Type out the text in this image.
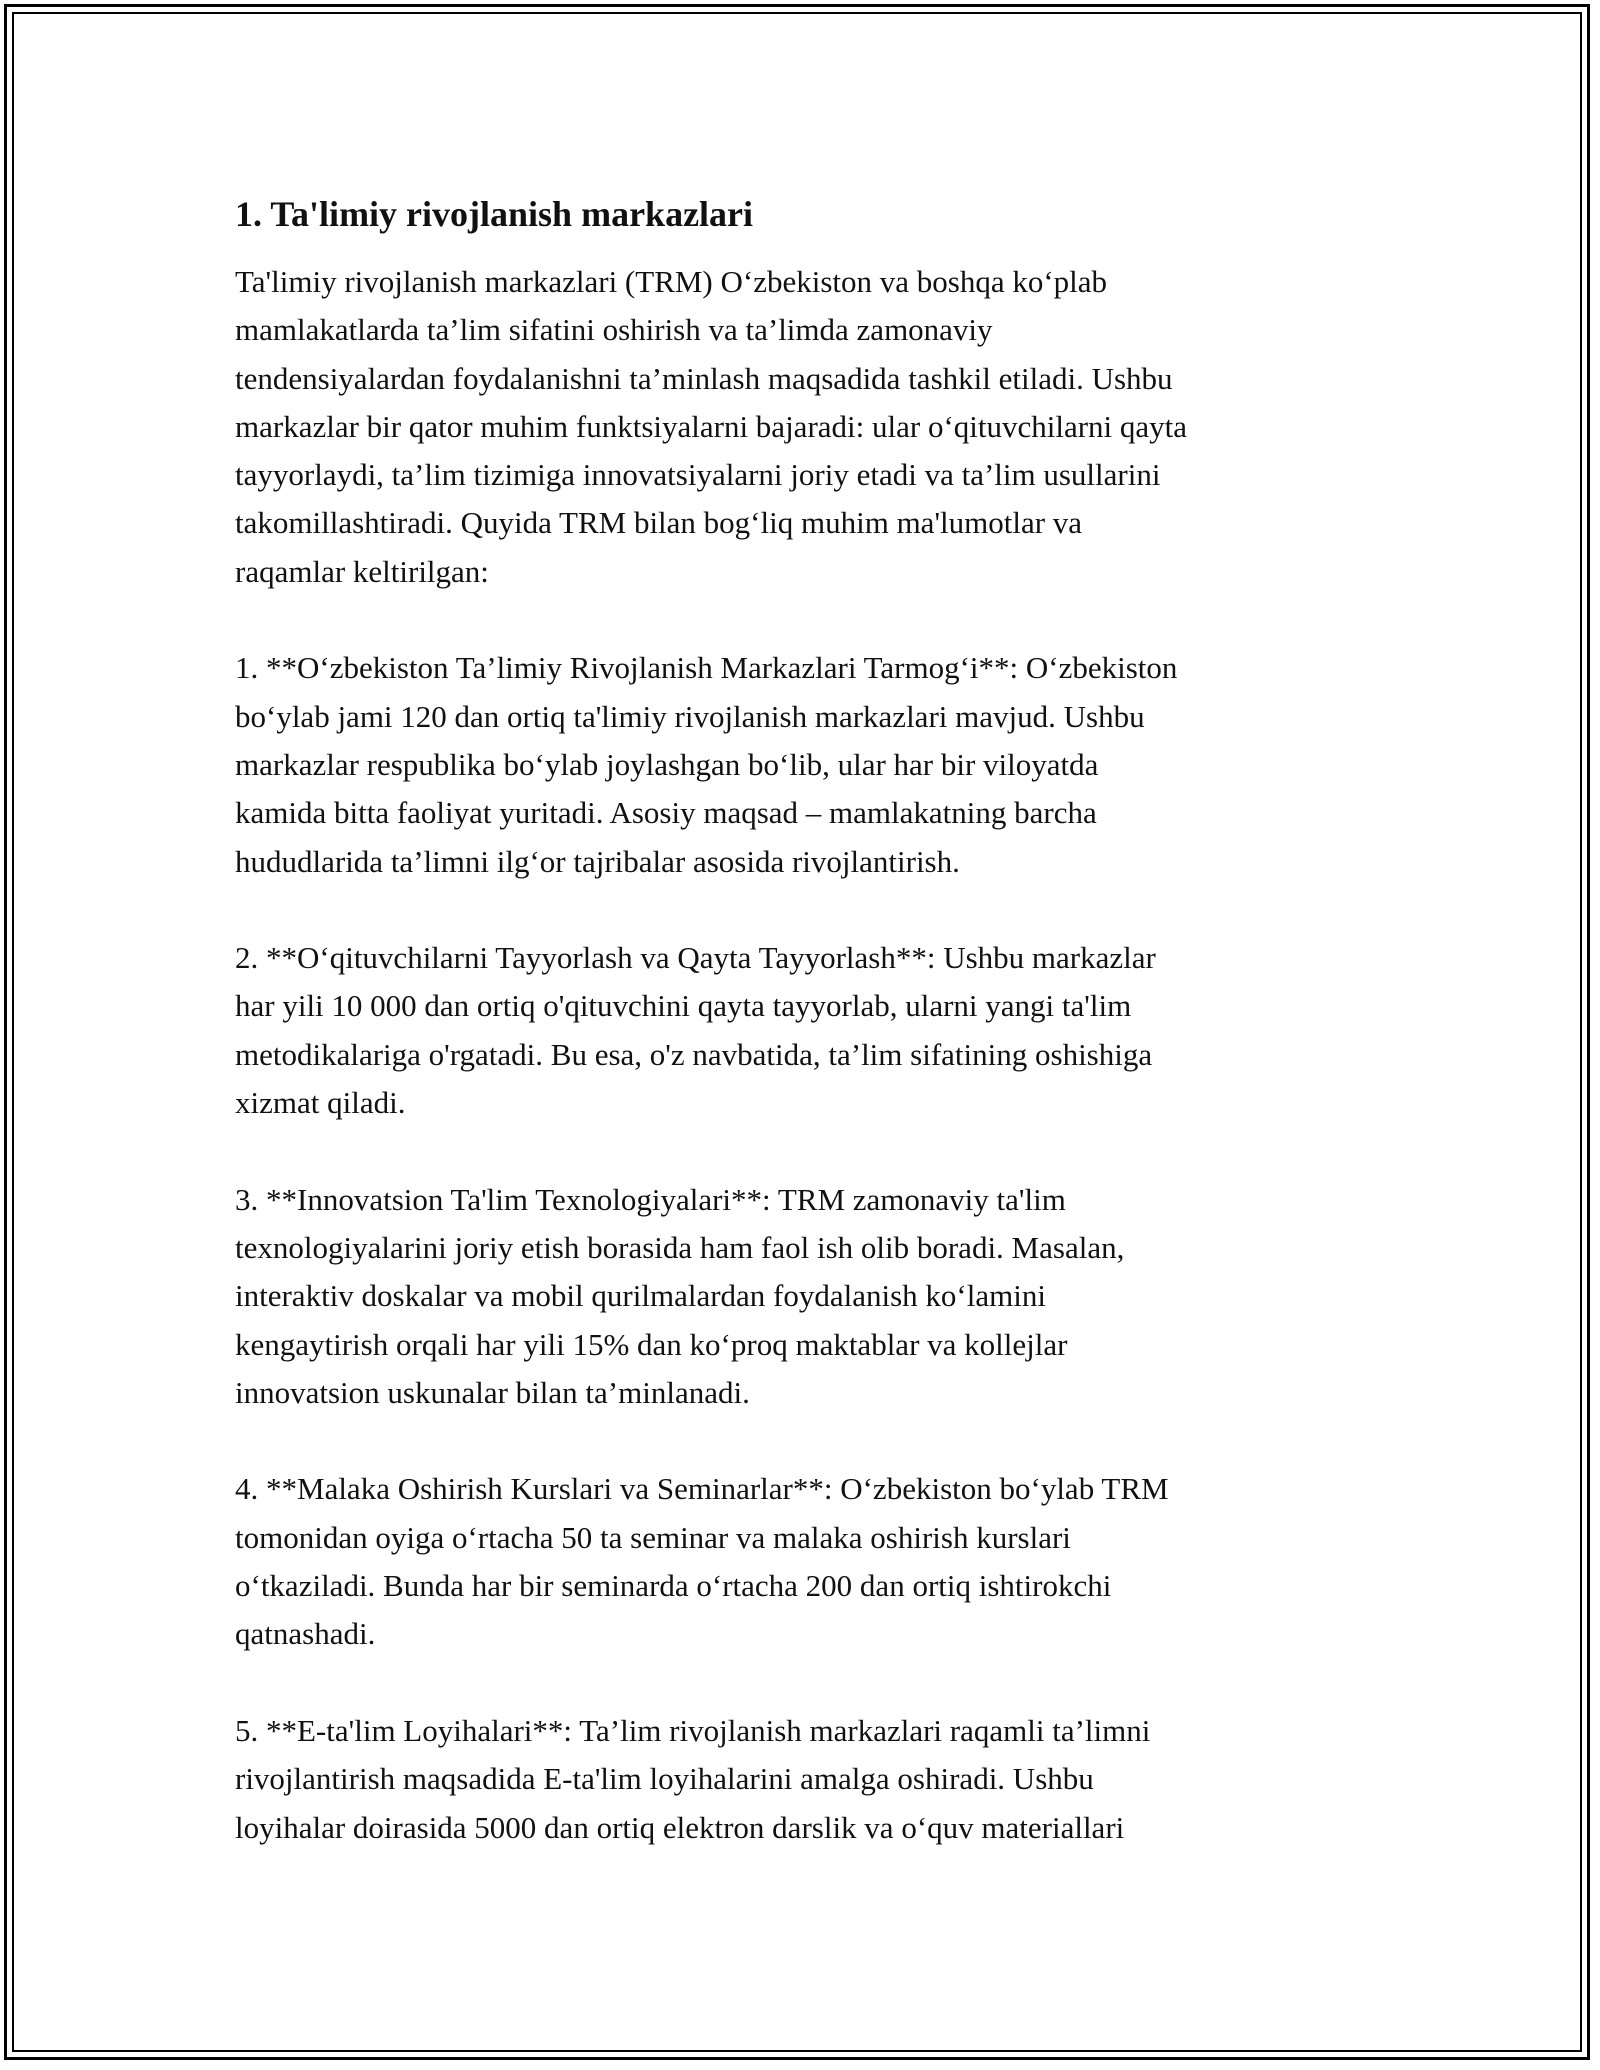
1. Ta'limiy rivojlanish markazlari

Ta'limiy rivojlanish markazlari (TRM) O‘zbekiston va boshqa ko‘plab
mamlakatlarda ta’lim sifatini oshirish va ta’limda zamonaviy
tendensiyalardan foydalanishni ta’minlash maqsadida tashkil etiladi. Ushbu
markazlar bir qator muhim funktsiyalarni bajaradi: ular o‘qituvchilarni qayta
tayyorlaydi, ta’lim tizimiga innovatsiyalarni joriy etadi va ta’lim usullarini
takomillashtiradi. Quyida TRM bilan bog‘liq muhim ma'lumotlar va
raqamlar keltirilgan:

1. **O‘zbekiston Ta’limiy Rivojlanish Markazlari Tarmog‘i**: O‘zbekiston
bo‘ylab jami 120 dan ortiq ta'limiy rivojlanish markazlari mavjud. Ushbu
markazlar respublika bo‘ylab joylashgan bo‘lib, ular har bir viloyatda
kamida bitta faoliyat yuritadi. Asosiy maqsad – mamlakatning barcha
hududlarida ta’limni ilg‘or tajribalar asosida rivojlantirish.

2. **O‘qituvchilarni Tayyorlash va Qayta Tayyorlash**: Ushbu markazlar
har yili 10 000 dan ortiq o'qituvchini qayta tayyorlab, ularni yangi ta'lim
metodikalariga o'rgatadi. Bu esa, o'z navbatida, ta’lim sifatining oshishiga
xizmat qiladi.

3. **Innovatsion Ta'lim Texnologiyalari**: TRM zamonaviy ta'lim
texnologiyalarini joriy etish borasida ham faol ish olib boradi. Masalan,
interaktiv doskalar va mobil qurilmalardan foydalanish ko‘lamini
kengaytirish orqali har yili 15% dan ko‘proq maktablar va kollejlar
innovatsion uskunalar bilan ta’minlanadi.

4. **Malaka Oshirish Kurslari va Seminarlar**: O‘zbekiston bo‘ylab TRM
tomonidan oyiga o‘rtacha 50 ta seminar va malaka oshirish kurslari
o‘tkaziladi. Bunda har bir seminarda o‘rtacha 200 dan ortiq ishtirokchi
qatnashadi.

5. **E-ta'lim Loyihalari**: Ta’lim rivojlanish markazlari raqamli ta’limni
rivojlantirish maqsadida E-ta'lim loyihalarini amalga oshiradi. Ushbu
loyihalar doirasida 5000 dan ortiq elektron darslik va o‘quv materiallari
